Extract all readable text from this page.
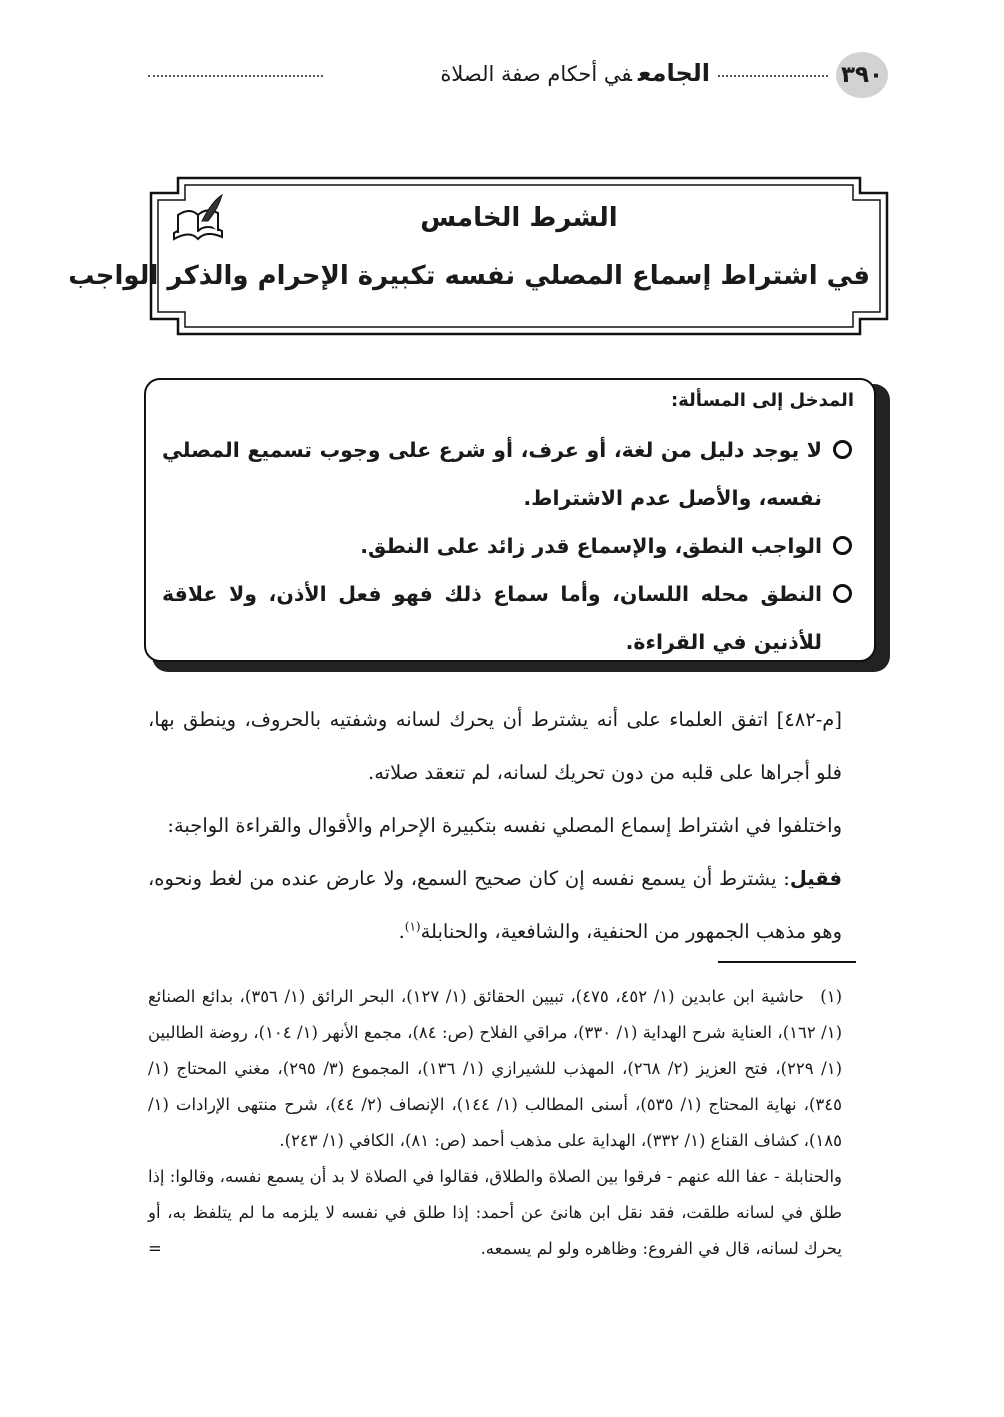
٣٩٠
الجامعفي أحكام صفة الصلاة
الشرط الخامس
في اشتراط إسماع المصلي نفسه تكبيرة الإحرام والذكر الواجب
المدخل إلى المسألة:
لا يوجد دليل من لغة، أو عرف، أو شرع على وجوب تسميع المصلي نفسه، والأصل عدم الاشتراط.
الواجب النطق، والإسماع قدر زائد على النطق.
النطق محله اللسان، وأما سماع ذلك فهو فعل الأذن، ولا علاقة للأذنين في القراءة.

[م-٤٨٢] اتفق العلماء على أنه يشترط أن يحرك لسانه وشفتيه بالحروف، وينطق بها، فلو أجراها على قلبه من دون تحريك لسانه، لم تنعقد صلاته.

واختلفوا في اشتراط إسماع المصلي نفسه بتكبيرة الإحرام والأقوال والقراءة الواجبة:

فقيل: يشترط أن يسمع نفسه إن كان صحيح السمع، ولا عارض عنده من لغط ونحوه، وهو مذهب الجمهور من الحنفية، والشافعية، والحنابلة$^{(١)}$.

(١)حاشية ابن عابدين (١/ ٤٥٢، ٤٧٥)، تبيين الحقائق (١/ ١٢٧)، البحر الرائق (١/ ٣٥٦)، بدائع الصنائع (١/ ١٦٢)، العناية شرح الهداية (١/ ٣٣٠)، مراقي الفلاح (ص: ٨٤)، مجمع الأنهر (١/ ١٠٤)، روضة الطالبين (١/ ٢٢٩)، فتح العزيز (٢/ ٢٦٨)، المهذب للشيرازي (١/ ١٣٦)، المجموع (٣/ ٢٩٥)، مغني المحتاج (١/ ٣٤٥)، نهاية المحتاج (١/ ٥٣٥)، أسنى المطالب (١/ ١٤٤)، الإنصاف (٢/ ٤٤)، شرح منتهى الإرادات (١/ ١٨٥)، كشاف القناع (١/ ٣٣٢)، الهداية على مذهب أحمد (ص: ٨١)، الكافي (١/ ٢٤٣).

والحنابلة - عفا الله عنهم - فرقوا بين الصلاة والطلاق، فقالوا في الصلاة لا بد أن يسمع نفسه، وقالوا: إذا طلق في لسانه طلقت، فقد نقل ابن هانئ عن أحمد: إذا طلق في نفسه لا يلزمه ما لم يتلفظ به، أو يحرك لسانه، قال في الفروع: وظاهره ولو لم يسمعه.
=
